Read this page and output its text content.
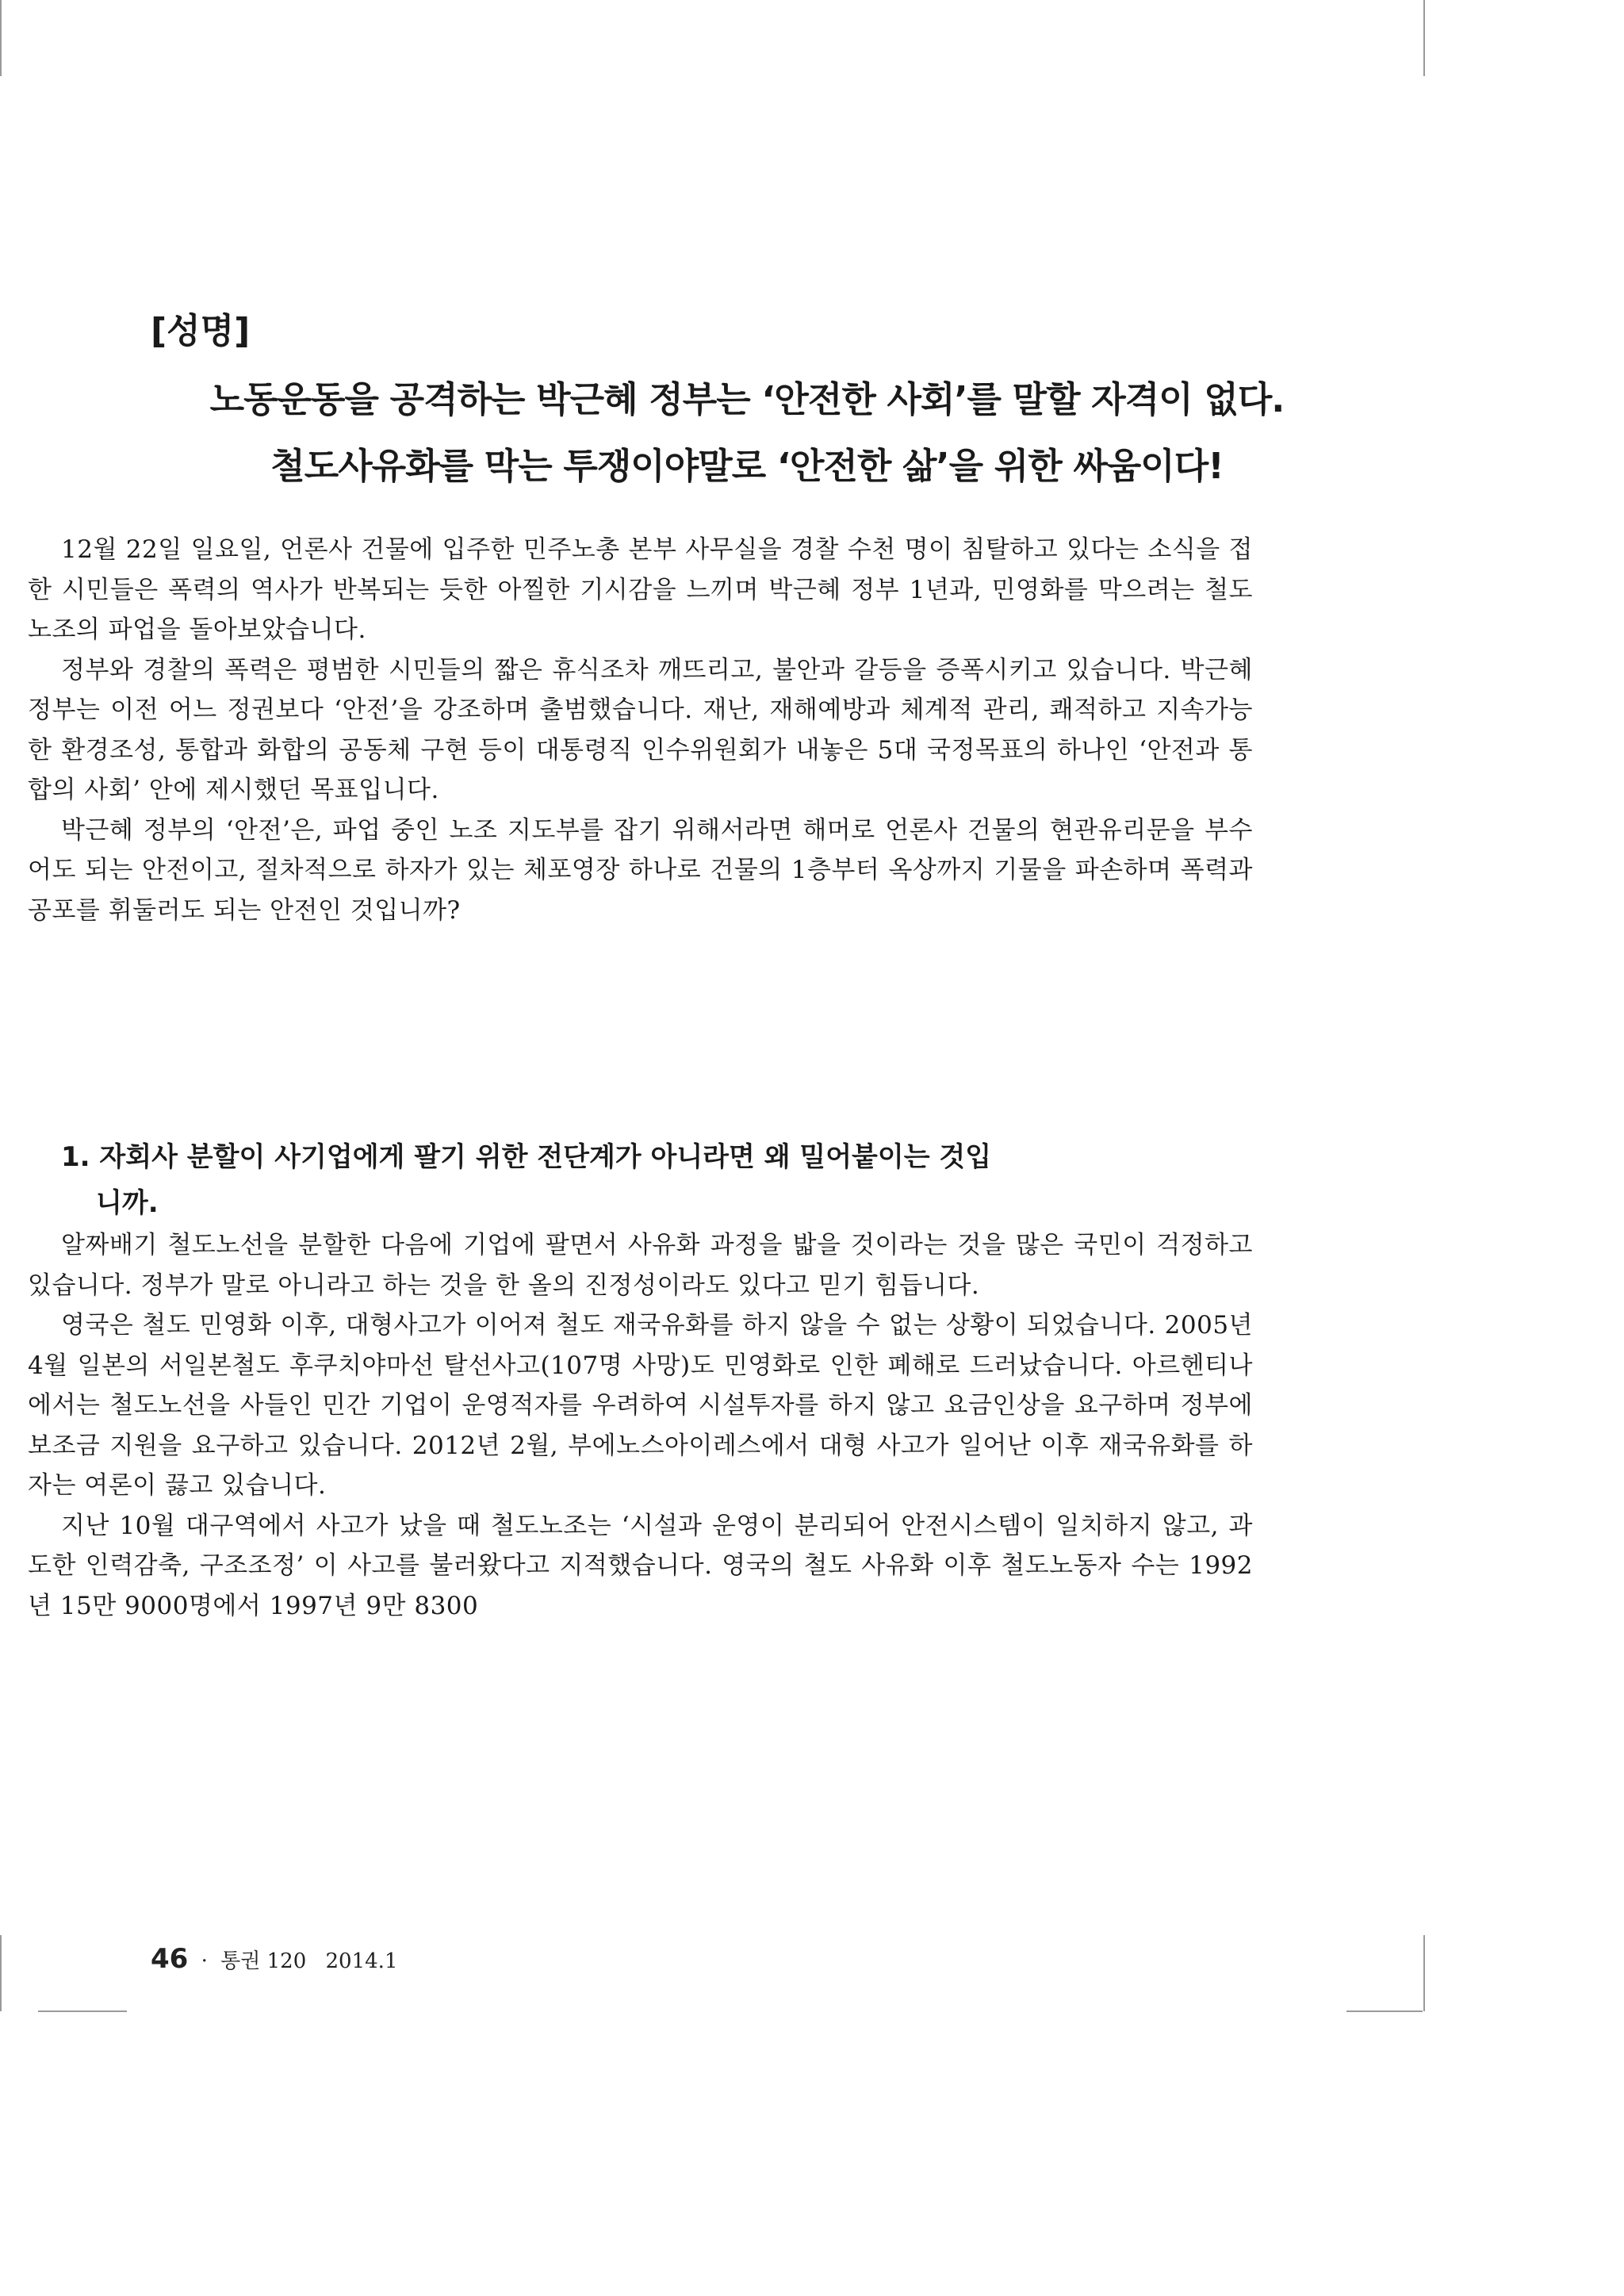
[성명]
노동운동을 공격하는 박근혜 정부는 ‘안전한 사회’를 말할 자격이 없다.
철도사유화를 막는 투쟁이야말로 ‘안전한 삶’을 위한 싸움이다!

12월 22일 일요일, 언론사 건물에 입주한 민주노총 본부 사무실을 경찰 수천 명이 침탈하고 있다는 소식을 접한 시민들은 폭력의 역사가 반복되는 듯한 아찔한 기시감을 느끼며 박근혜 정부 1년과, 민영화를 막으려는 철도노조의 파업을 돌아보았습니다.

정부와 경찰의 폭력은 평범한 시민들의 짧은 휴식조차 깨뜨리고, 불안과 갈등을 증폭시키고 있습니다. 박근혜 정부는 이전 어느 정권보다 ‘안전’을 강조하며 출범했습니다. 재난, 재해예방과 체계적 관리, 쾌적하고 지속가능한 환경조성, 통합과 화합의 공동체 구현 등이 대통령직 인수위원회가 내놓은 5대 국정목표의 하나인 ‘안전과 통합의 사회’ 안에 제시했던 목표입니다.

박근혜 정부의 ‘안전’은, 파업 중인 노조 지도부를 잡기 위해서라면 해머로 언론사 건물의 현관유리문을 부수어도 되는 안전이고, 절차적으로 하자가 있는 체포영장 하나로 건물의 1층부터 옥상까지 기물을 파손하며 폭력과 공포를 휘둘러도 되는 안전인 것입니까?

1. 자회사 분할이 사기업에게 팔기 위한 전단계가 아니라면 왜 밀어붙이는 것입
니까.

알짜배기 철도노선을 분할한 다음에 기업에 팔면서 사유화 과정을 밟을 것이라는 것을 많은 국민이 걱정하고 있습니다. 정부가 말로 아니라고 하는 것을 한 올의 진정성이라도 있다고 믿기 힘듭니다.

영국은 철도 민영화 이후, 대형사고가 이어져 철도 재국유화를 하지 않을 수 없는 상황이 되었습니다. 2005년 4월 일본의 서일본철도 후쿠치야마선 탈선사고(107명 사망)도 민영화로 인한 폐해로 드러났습니다. 아르헨티나에서는 철도노선을 사들인 민간 기업이 운영적자를 우려하여 시설투자를 하지 않고 요금인상을 요구하며 정부에 보조금 지원을 요구하고 있습니다. 2012년 2월, 부에노스아이레스에서 대형 사고가 일어난 이후 재국유화를 하자는 여론이 끓고 있습니다.

지난 10월 대구역에서 사고가 났을 때 철도노조는 ‘시설과 운영이 분리되어 안전시스템이 일치하지 않고, 과도한 인력감축, 구조조정’ 이 사고를 불러왔다고 지적했습니다. 영국의 철도 사유화 이후 철도노동자 수는 1992년 15만 9000명에서 1997년 9만 8300

46 · 통권 120 2014.1
